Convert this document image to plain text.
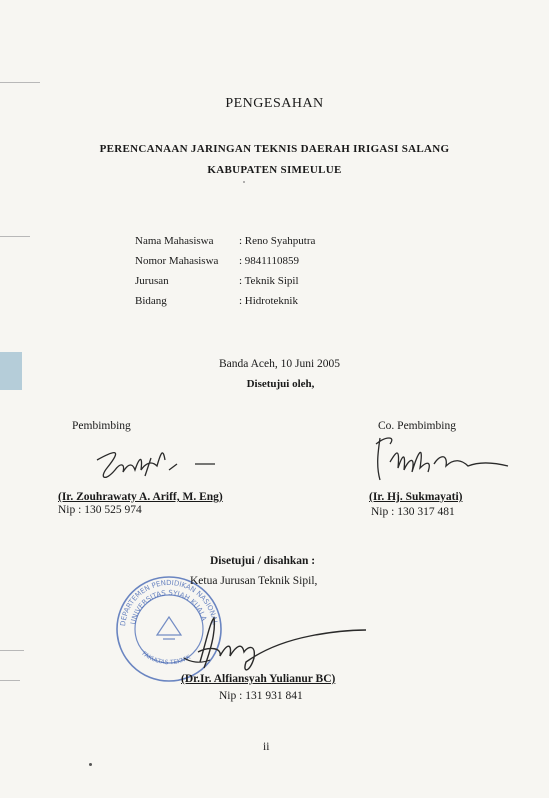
PENGESAHAN
PERENCANAAN JARINGAN TEKNIS DAERAH IRIGASI SALANG
KABUPATEN SIMEULUE
Nama Mahasiswa	: Reno Syahputra
Nomor Mahasiswa	: 9841110859
Jurusan	: Teknik Sipil
Bidang	: Hidroteknik
Banda Aceh, 10 Juni 2005
Disetujui oleh,
Pembimbing	Co. Pembimbing
(Ir. Zouhrawaty A. Ariff, M. Eng)
Nip : 130 525 974
(Ir. Hj. Sukmayati)
Nip : 130 317 481
DEPARTEMEN PENDIDIKAN NASIONAL
UNIVERSITAS SYIAH KUALA
FAKULTAS TEKNIK
Disetujui / disahkan :
Ketua Jurusan Teknik Sipil,
(Dr.Ir. Alfiansyah Yulianur BC)
Nip : 131 931 841
ii
